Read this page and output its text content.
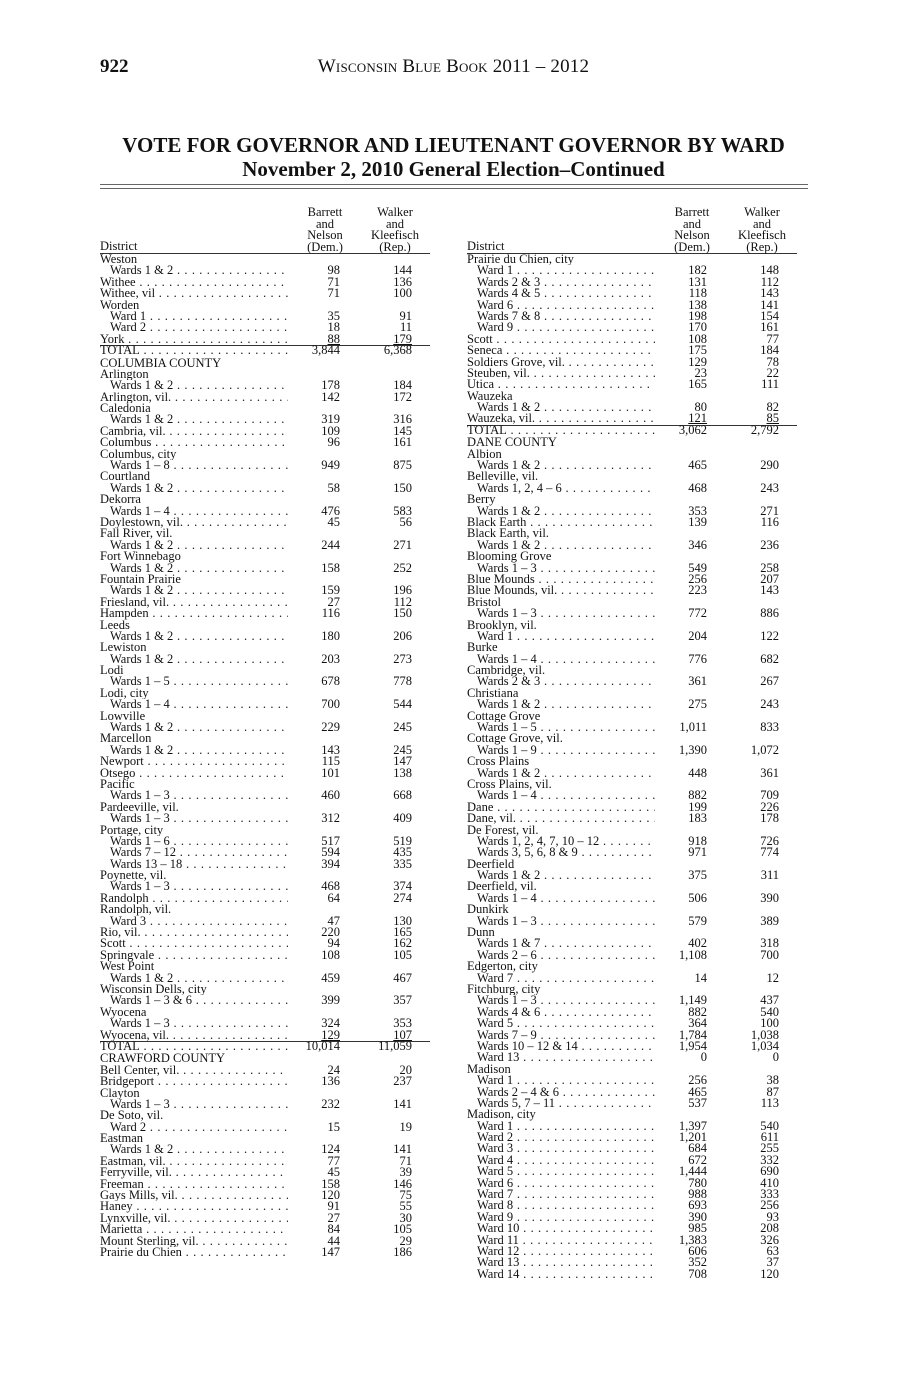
922	Wisconsin Blue Book 2011 – 2012
VOTE FOR GOVERNOR AND LIEUTENANT GOVERNOR BY WARD
November 2, 2010 General Election–Continued
District
Barrett
and
Nelson
(Dem.)
Walker
and
Kleefisch
(Rep.)
Weston
Wards 1 & 2 . . .	98	144
Withee . . .	71	136
Withee, vil . . .	71	100
Worden
Ward 1 . . .	35	91
Ward 2 . . .	18	11
York . . .	88	179
TOTAL . . .	3,844	6,368
COLUMBIA COUNTY
Arlington
Wards 1 & 2 . . .	178	184
Arlington, vil. . . .	142	172
Caledonia
Wards 1 & 2 . . .	319	316
Cambria, vil. . . .	109	145
Columbus . . .	96	161
Columbus, city
Wards 1 – 8 . . .	949	875
Courtland
Wards 1 & 2 . . .	58	150
Dekorra
Wards 1 – 4 . . .	476	583
Doylestown, vil. . . .	45	56
Fall River, vil.
Wards 1 & 2 . . .	244	271
Fort Winnebago
Wards 1 & 2 . . .	158	252
Fountain Prairie
Wards 1 & 2 . . .	159	196
Friesland, vil. . . .	27	112
Hampden . . .	116	150
Leeds
Wards 1 & 2 . . .	180	206
Lewiston
Wards 1 & 2 . . .	203	273
Lodi
Wards 1 – 5 . . .	678	778
Lodi, city
Wards 1 – 4 . . .	700	544
Lowville
Wards 1 & 2 . . .	229	245
Marcellon
Wards 1 & 2 . . .	143	245
Newport . . .	115	147
Otsego . . .	101	138
Pacific
Wards 1 – 3 . . .	460	668
Pardeeville, vil.
Wards 1 – 3 . . .	312	409
Portage, city
Wards 1 – 6 . . .	517	519
Wards 7 – 12 . . .	594	435
Wards 13 – 18 . . .	394	335
Poynette, vil.
Wards 1 – 3 . . .	468	374
Randolph . . .	64	274
Randolph, vil.
Ward 3 . . .	47	130
Rio, vil. . . .	220	165
Scott . . .	94	162
Springvale . . .	108	105
West Point
Wards 1 & 2 . . .	459	467
Wisconsin Dells, city
Wards 1 – 3 & 6 . . .	399	357
Wyocena
Wards 1 – 3 . . .	324	353
Wyocena, vil. . . .	129	107
TOTAL . . .	10,014	11,059
CRAWFORD COUNTY
Bell Center, vil. . . .	24	20
Bridgeport . . .	136	237
Clayton
Wards 1 – 3 . . .	232	141
De Soto, vil.
Ward 2 . . .	15	19
Eastman
Wards 1 & 2 . . .	124	141
Eastman, vil. . . .	77	71
Ferryville, vil. . . .	45	39
Freeman . . .	158	146
Gays Mills, vil. . . .	120	75
Haney . . .	91	55
Lynxville, vil. . . .	27	30
Marietta . . .	84	105
Mount Sterling, vil. . . .	44	29
Prairie du Chien . . .	147	186
District
Barrett
and
Nelson
(Dem.)
Walker
and
Kleefisch
(Rep.)
Prairie du Chien, city
Ward 1 . . .	182	148
Wards 2 & 3 . . .	131	112
Wards 4 & 5 . . .	118	143
Ward 6 . . .	138	141
Wards 7 & 8 . . .	198	154
Ward 9 . . .	170	161
Scott . . .	108	77
Seneca . . .	175	184
Soldiers Grove, vil. . . .	129	78
Steuben, vil. . . .	23	22
Utica . . .	165	111
Wauzeka
Wards 1 & 2 . . .	80	82
Wauzeka, vil. . . .	121	85
TOTAL . . .	3,062	2,792
DANE COUNTY
Albion
Wards 1 & 2 . . .	465	290
Belleville, vil.
Wards 1, 2, 4 – 6 . . .	468	243
Berry
Wards 1 & 2 . . .	353	271
Black Earth . . .	139	116
Black Earth, vil.
Wards 1 & 2 . . .	346	236
Blooming Grove
Wards 1 – 3 . . .	549	258
Blue Mounds . . .	256	207
Blue Mounds, vil. . . .	223	143
Bristol
Wards 1 – 3 . . .	772	886
Brooklyn, vil.
Ward 1 . . .	204	122
Burke
Wards 1 – 4 . . .	776	682
Cambridge, vil.
Wards 2 & 3 . . .	361	267
Christiana
Wards 1 & 2 . . .	275	243
Cottage Grove
Wards 1 – 5 . . .	1,011	833
Cottage Grove, vil.
Wards 1 – 9 . . .	1,390	1,072
Cross Plains
Wards 1 & 2 . . .	448	361
Cross Plains, vil.
Wards 1 – 4 . . .	882	709
Dane . . .	199	226
Dane, vil. . . .	183	178
De Forest, vil.
Wards 1, 2, 4, 7, 10 – 12 . . .	918	726
Wards 3, 5, 6, 8 & 9 . . .	971	774
Deerfield
Wards 1 & 2 . . .	375	311
Deerfield, vil.
Wards 1 – 4 . . .	506	390
Dunkirk
Wards 1 – 3 . . .	579	389
Dunn
Wards 1 & 7 . . .	402	318
Wards 2 – 6 . . .	1,108	700
Edgerton, city
Ward 7 . . .	14	12
Fitchburg, city
Wards 1 – 3 . . .	1,149	437
Wards 4 & 6 . . .	882	540
Ward 5 . . .	364	100
Wards 7 – 9 . . .	1,784	1,038
Wards 10 – 12 & 14 . . .	1,954	1,034
Ward 13 . . .	0	0
Madison
Ward 1 . . .	256	38
Wards 2 – 4 & 6 . . .	465	87
Wards 5, 7 – 11 . . .	537	113
Madison, city
Ward 1 . . .	1,397	540
Ward 2 . . .	1,201	611
Ward 3 . . .	684	255
Ward 4 . . .	672	332
Ward 5 . . .	1,444	690
Ward 6 . . .	780	410
Ward 7 . . .	988	333
Ward 8 . . .	693	256
Ward 9 . . .	390	93
Ward 10 . . .	985	208
Ward 11 . . .	1,383	326
Ward 12 . . .	606	63
Ward 13 . . .	352	37
Ward 14 . . .	708	120
